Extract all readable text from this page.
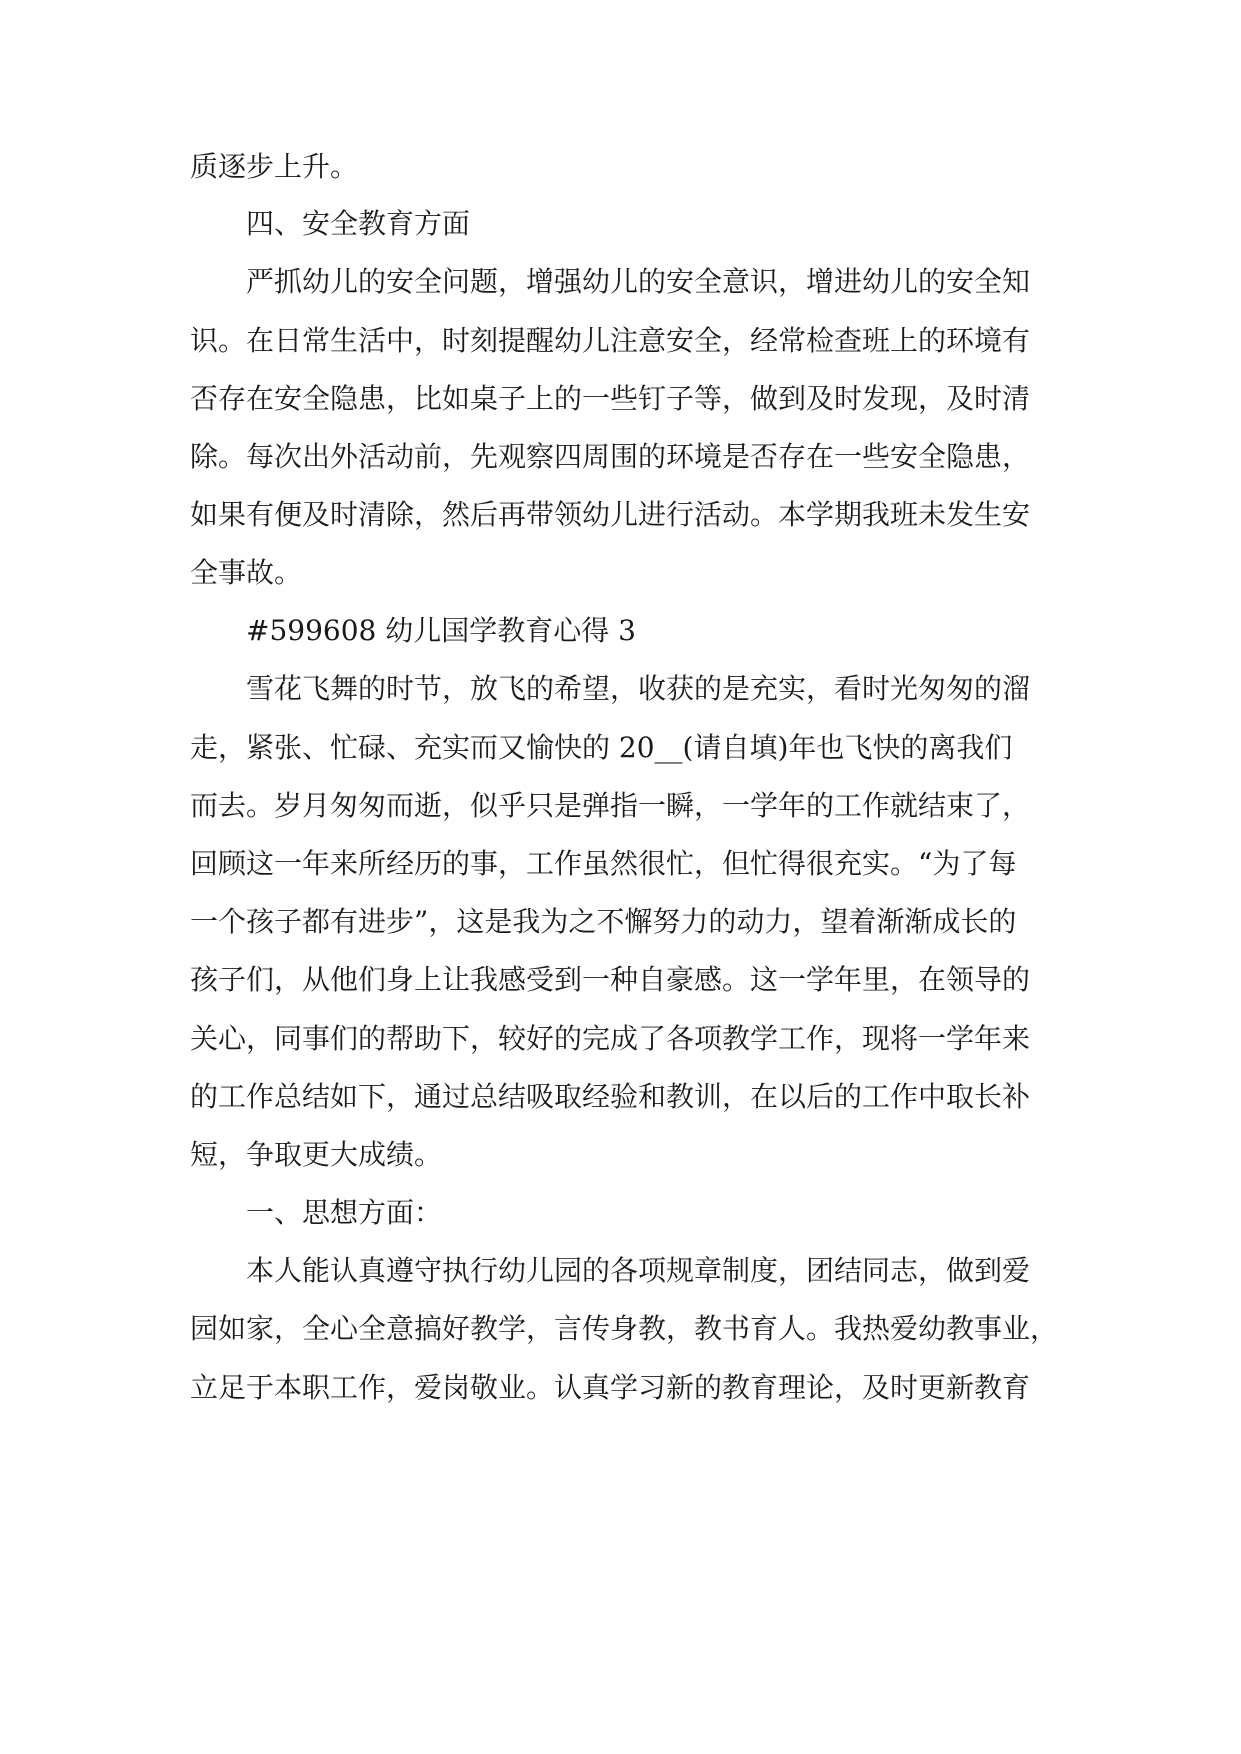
质逐步上升。

四、安全教育方面

严抓幼儿的安全问题，增强幼儿的安全意识，增进幼儿的安全知

识。在日常生活中，时刻提醒幼儿注意安全，经常检查班上的环境有

否存在安全隐患，比如桌子上的一些钉子等，做到及时发现，及时清

除。每次出外活动前，先观察四周围的环境是否存在一些安全隐患，

如果有便及时清除，然后再带领幼儿进行活动。本学期我班未发生安

全事故。

#599608 幼儿国学教育心得 3

雪花飞舞的时节，放飞的希望，收获的是充实，看时光匆匆的溜

走，紧张、忙碌、充实而又愉快的 20__(请自填)年也飞快的离我们

而去。岁月匆匆而逝，似乎只是弹指一瞬，一学年的工作就结束了，

回顾这一年来所经历的事，工作虽然很忙，但忙得很充实。“为了每

一个孩子都有进步”，这是我为之不懈努力的动力，望着渐渐成长的

孩子们，从他们身上让我感受到一种自豪感。这一学年里，在领导的

关心，同事们的帮助下，较好的完成了各项教学工作，现将一学年来

的工作总结如下，通过总结吸取经验和教训，在以后的工作中取长补

短，争取更大成绩。

一、思想方面：

本人能认真遵守执行幼儿园的各项规章制度，团结同志，做到爱

园如家，全心全意搞好教学，言传身教，教书育人。我热爱幼教事业，

立足于本职工作，爱岗敬业。认真学习新的教育理论，及时更新教育
